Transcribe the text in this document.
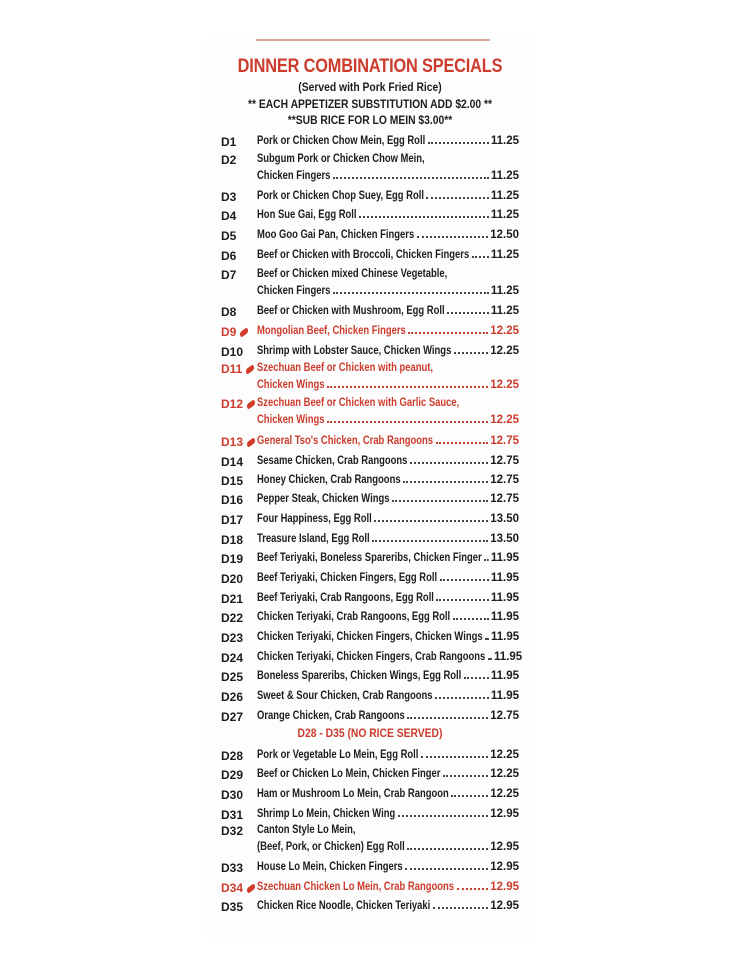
DINNER COMBINATION SPECIALS
(Served with Pork Fried Rice)
** EACH APPETIZER SUBSTITUTION ADD $2.00 **
**SUB RICE FOR LO MEIN $3.00**
D28 - D35 (NO RICE SERVED)
D1 Pork or Chicken Chow Mein, Egg Roll	11.25
D2 Subgum Pork or Chicken Chow Mein,
Chicken Fingers	11.25
D3 Pork or Chicken Chop Suey, Egg Roll	11.25
D4 Hon Sue Gai, Egg Roll	11.25
D5 Moo Goo Gai Pan, Chicken Fingers	12.50
D6 Beef or Chicken with Broccoli, Chicken Fingers 11.25
D7 Beef or Chicken mixed Chinese Vegetable,
Chicken Fingers	11.25
D8 Beef or Chicken with Mushroom, Egg Roll	11.25
D9	Mongolian Beef, Chicken Fingers	12.25
D10 Shrimp with Lobster Sauce, Chicken Wings	12.25
D11	Szechuan Beef or Chicken with peanut,
Chicken Wings	12.25
D12	Szechuan Beef or Chicken with Garlic Sauce,
Chicken Wings	12.25
D13	General Tso's Chicken, Crab Rangoons	12.75
D14 Sesame Chicken, Crab Rangoons	12.75
D15 Honey Chicken, Crab Rangoons	12.75
D16 Pepper Steak, Chicken Wings	12.75
D17 Four Happiness, Egg Roll	13.50
D18 Treasure Island, Egg Roll	13.50
D19 Beef Teriyaki, Boneless Spareribs, Chicken Finger 11.95
D20 Beef Teriyaki, Chicken Fingers, Egg Roll	11.95
D21 Beef Teriyaki, Crab Rangoons, Egg Roll	11.95
D22 Chicken Teriyaki, Crab Rangoons, Egg Roll	11.95
D23 Chicken Teriyaki, Chicken Fingers, Chicken Wings 11.95
D24 Chicken Teriyaki, Chicken Fingers, Crab Rangoons 11.95
D25 Boneless Spareribs, Chicken Wings, Egg Roll	11.95
D26 Sweet & Sour Chicken, Crab Rangoons	11.95
D27 Orange Chicken, Crab Rangoons	12.75
D28 Pork or Vegetable Lo Mein, Egg Roll	12.25
D29 Beef or Chicken Lo Mein, Chicken Finger	12.25
D30 Ham or Mushroom Lo Mein, Crab Rangoon	12.25
D31 Shrimp Lo Mein, Chicken Wing	12.95
D32 Canton Style Lo Mein,
(Beef, Pork, or Chicken) Egg Roll	12.95
D33 House Lo Mein, Chicken Fingers	12.95
D34	Szechuan Chicken Lo Mein, Crab Rangoons	12.95
D35 Chicken Rice Noodle, Chicken Teriyaki	12.95
